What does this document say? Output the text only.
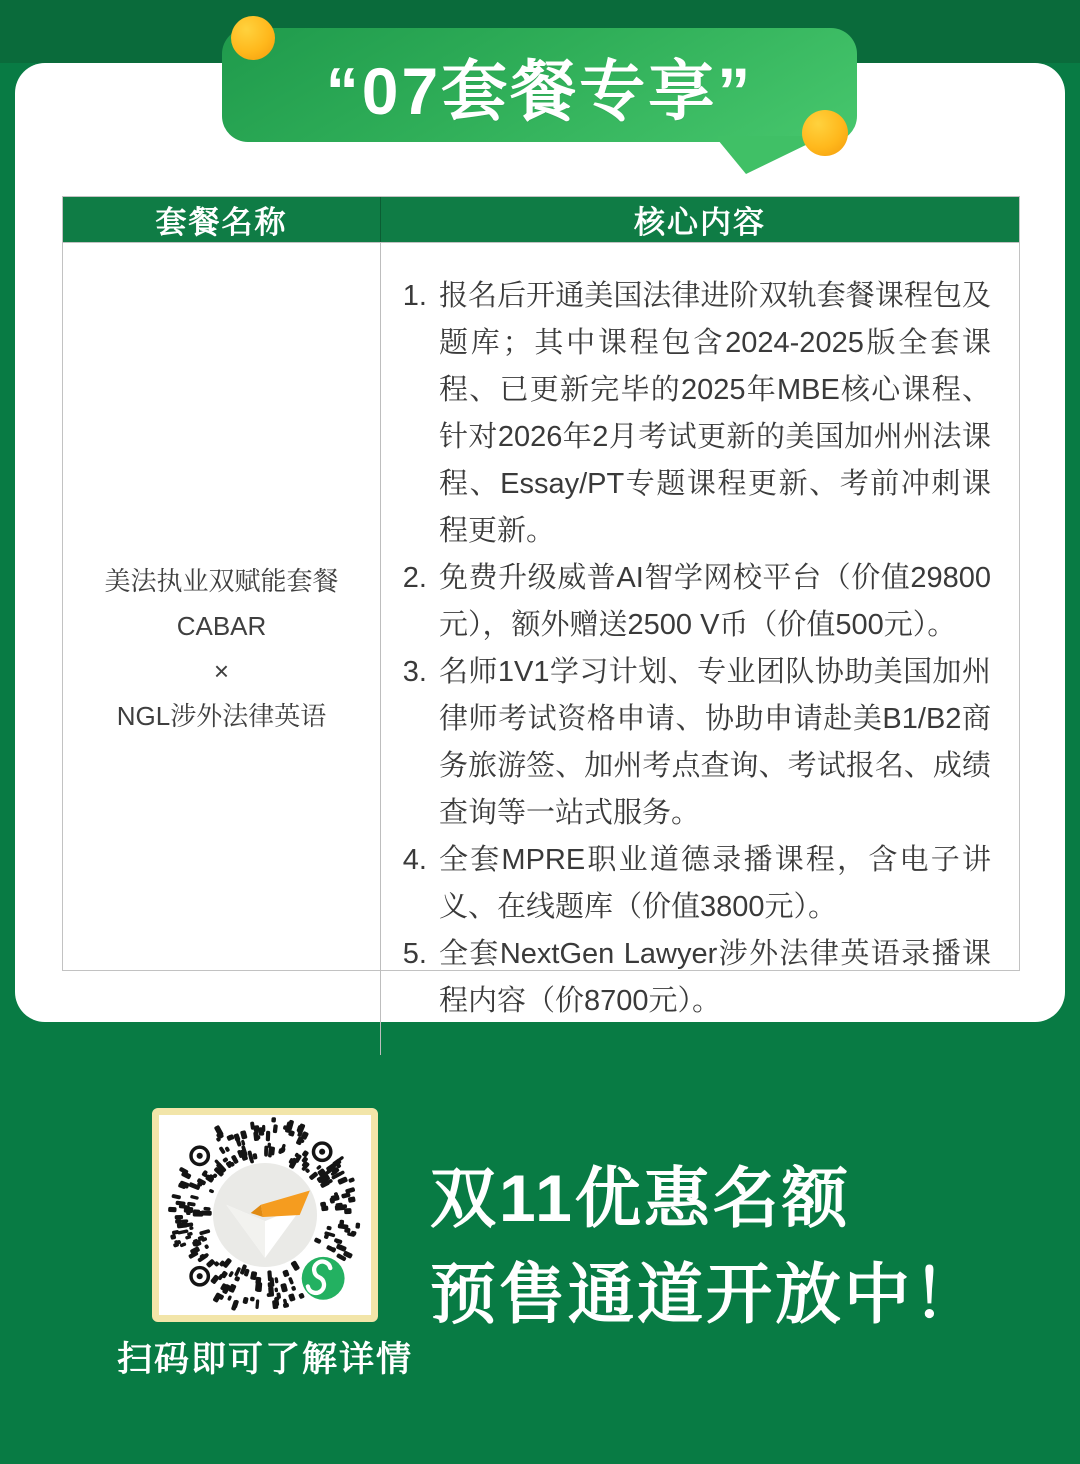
“07套餐专享”
套餐名称	核心内容
美法执业双赋能套餐
CABAR
×
NGL涉外法律英语
1. 报名后开通美国法律进阶双轨套餐课程包及题库；其中课程包含2024-2025版全套课程、已更新完毕的2025年MBE核心课程、针对2026年2月考试更新的美国加州州法课程、Essay/PT专题课程更新、考前冲刺课程更新。
2. 免费升级威普AI智学网校平台（价值29800元），额外赠送2500 V币（价值500元）。
3. 名师1V1学习计划、专业团队协助美国加州律师考试资格申请、协助申请赴美B1/B2商务旅游签、加州考点查询、考试报名、成绩查询等一站式服务。
4. 全套MPRE职业道德录播课程，含电子讲义、在线题库（价值3800元）。
5. 全套NextGen Lawyer涉外法律英语录播课程内容（价8700元）。
扫码即可了解详情
双11优惠名额
预售通道开放中！
